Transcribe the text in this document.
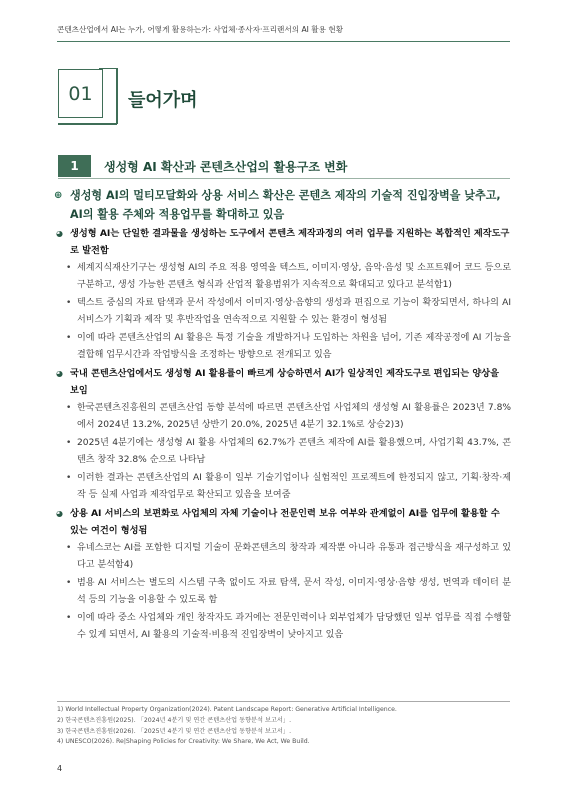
콘텐츠산업에서 AI는 누가, 어떻게 활용하는가: 사업체·종사자·프리랜서의 AI 활용 현황
01 들어가며
1	생성형 AI 확산과 콘텐츠산업의 활용구조 변화
⊕ 생성형 AI의 멀티모달화와 상용 서비스 확산은 콘텐츠 제작의 기술적 진입장벽을 낮추고, AI의 활용 주체와 적용업무를 확대하고 있음
◕ 생성형 AI는 단일한 결과물을 생성하는 도구에서 콘텐츠 제작과정의 여러 업무를 지원하는 복합적인 제작도구로 발전함
• 세계지식재산기구는 생성형 AI의 주요 적용 영역을 텍스트, 이미지·영상, 음악·음성 및 소프트웨어 코드 등으로 구분하고, 생성 가능한 콘텐츠 형식과 산업적 활용범위가 지속적으로 확대되고 있다고 분석함1)
• 텍스트 중심의 자료 탐색과 문서 작성에서 이미지·영상·음향의 생성과 편집으로 기능이 확장되면서, 하나의 AI 서비스가 기획과 제작 및 후반작업을 연속적으로 지원할 수 있는 환경이 형성됨
• 이에 따라 콘텐츠산업의 AI 활용은 특정 기술을 개발하거나 도입하는 차원을 넘어, 기존 제작공정에 AI 기능을 결합해 업무시간과 작업방식을 조정하는 방향으로 전개되고 있음
◕ 국내 콘텐츠산업에서도 생성형 AI 활용률이 빠르게 상승하면서 AI가 일상적인 제작도구로 편입되는 양상을 보임
• 한국콘텐츠진흥원의 콘텐츠산업 동향 분석에 따르면 콘텐츠산업 사업체의 생성형 AI 활용률은 2023년 7.8%에서 2024년 13.2%, 2025년 상반기 20.0%, 2025년 4분기 32.1%로 상승2)3)
• 2025년 4분기에는 생성형 AI 활용 사업체의 62.7%가 콘텐츠 제작에 AI를 활용했으며, 사업기획 43.7%, 콘텐츠 창작 32.8% 순으로 나타남
• 이러한 결과는 콘텐츠산업의 AI 활용이 일부 기술기업이나 실험적인 프로젝트에 한정되지 않고, 기획·창작·제작 등 실제 사업과 제작업무로 확산되고 있음을 보여줌
◕ 상용 AI 서비스의 보편화로 사업체의 자체 기술이나 전문인력 보유 여부와 관계없이 AI를 업무에 활용할 수 있는 여건이 형성됨
• 유네스코는 AI를 포함한 디지털 기술이 문화콘텐츠의 창작과 제작뿐 아니라 유통과 접근방식을 재구성하고 있다고 분석함4)
• 범용 AI 서비스는 별도의 시스템 구축 없이도 자료 탐색, 문서 작성, 이미지·영상·음향 생성, 번역과 데이터 분석 등의 기능을 이용할 수 있도록 함
• 이에 따라 중소 사업체와 개인 창작자도 과거에는 전문인력이나 외부업체가 담당했던 일부 업무를 직접 수행할 수 있게 되면서, AI 활용의 기술적·비용적 진입장벽이 낮아지고 있음
1) World Intellectual Property Organization(2024). Patent Landscape Report: Generative Artificial Intelligence.
2) 한국콘텐츠진흥원(2025). 「2024년 4분기 및 연간 콘텐츠산업 동향분석 보고서」.
3) 한국콘텐츠진흥원(2026). 「2025년 4분기 및 연간 콘텐츠산업 동향분석 보고서」.
4) UNESCO(2026). Re|Shaping Policies for Creativity: We Share, We Act, We Build.
4
